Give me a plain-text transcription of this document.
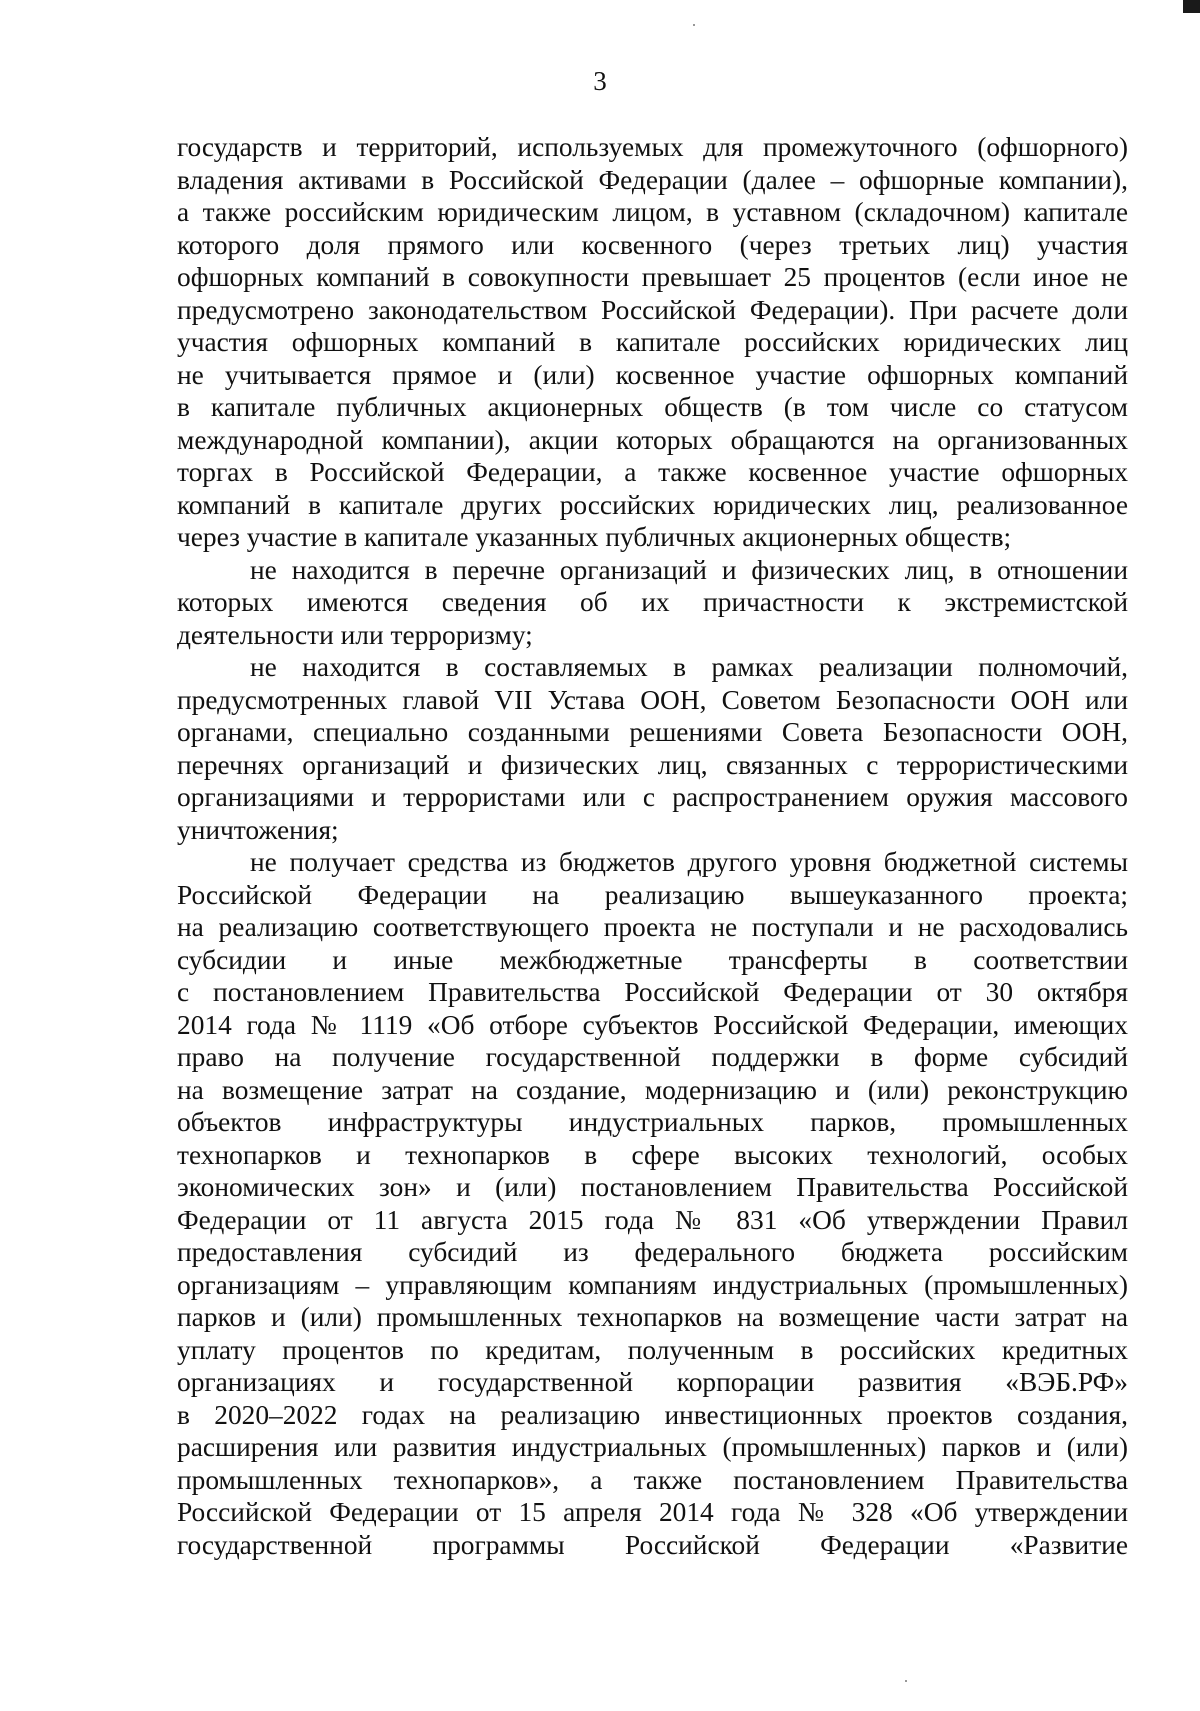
3
государств и территорий, используемых для промежуточного (офшорного)
владения активами в Российской Федерации (далее – офшорные компании),
а также российским юридическим лицом, в уставном (складочном) капитале
которого доля прямого или косвенного (через третьих лиц) участия
офшорных компаний в совокупности превышает 25 процентов (если иное не
предусмотрено законодательством Российской Федерации). При расчете доли
участия офшорных компаний в капитале российских юридических лиц
не учитывается прямое и (или) косвенное участие офшорных компаний
в капитале публичных акционерных обществ (в том числе со статусом
международной компании), акции которых обращаются на организованных
торгах в Российской Федерации, а также косвенное участие офшорных
компаний в капитале других российских юридических лиц, реализованное
через участие в капитале указанных публичных акционерных обществ;
не находится в перечне организаций и физических лиц, в отношении
которых имеются сведения об их причастности к экстремистской
деятельности или терроризму;
не находится в составляемых в рамках реализации полномочий,
предусмотренных главой VII Устава ООН, Советом Безопасности ООН или
органами, специально созданными решениями Совета Безопасности ООН,
перечнях организаций и физических лиц, связанных с террористическими
организациями и террористами или с распространением оружия массового
уничтожения;
не получает средства из бюджетов другого уровня бюджетной системы
Российской Федерации на реализацию вышеуказанного проекта;
на реализацию соответствующего проекта не поступали и не расходовались
субсидии и иные межбюджетные трансферты в соответствии
с постановлением Правительства Российской Федерации от 30 октября
2014 года № 1119 «Об отборе субъектов Российской Федерации, имеющих
право на получение государственной поддержки в форме субсидий
на возмещение затрат на создание, модернизацию и (или) реконструкцию
объектов инфраструктуры индустриальных парков, промышленных
технопарков и технопарков в сфере высоких технологий, особых
экономических зон» и (или) постановлением Правительства Российской
Федерации от 11 августа 2015 года № 831 «Об утверждении Правил
предоставления субсидий из федерального бюджета российским
организациям – управляющим компаниям индустриальных (промышленных)
парков и (или) промышленных технопарков на возмещение части затрат на
уплату процентов по кредитам, полученным в российских кредитных
организациях и государственной корпорации развития «ВЭБ.РФ»
в 2020–2022 годах на реализацию инвестиционных проектов создания,
расширения или развития индустриальных (промышленных) парков и (или)
промышленных технопарков», а также постановлением Правительства
Российской Федерации от 15 апреля 2014 года № 328 «Об утверждении
государственной программы Российской Федерации «Развитие
